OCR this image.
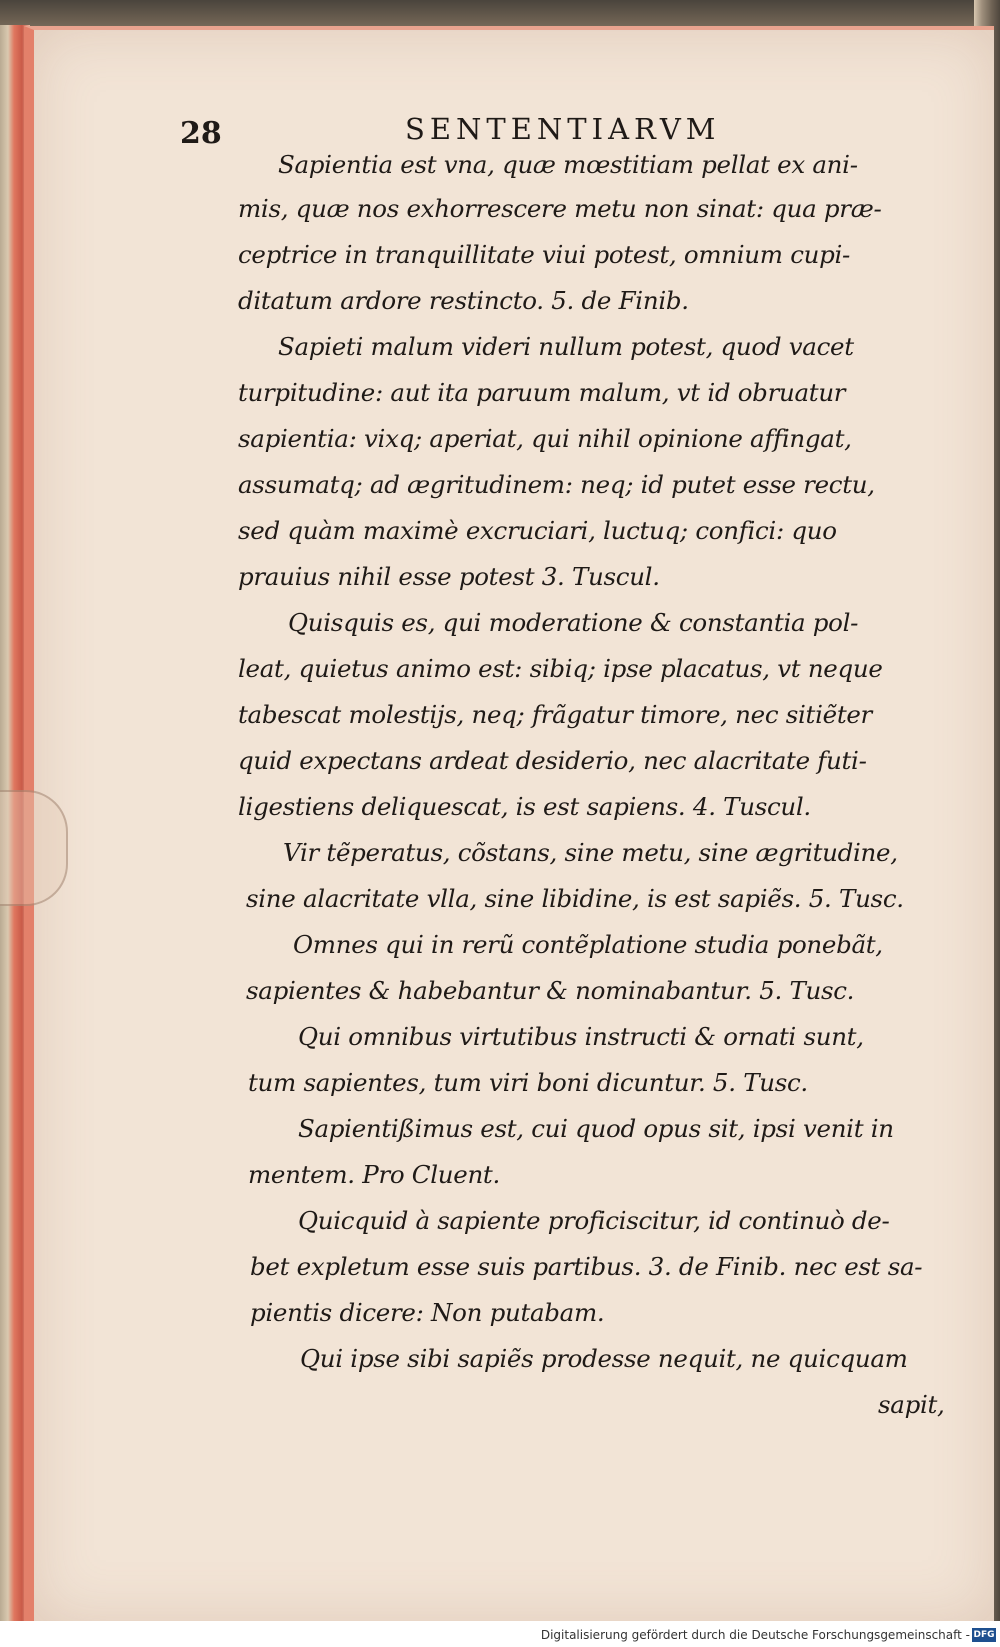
28	SENTENTIARVM
Sapientia est vna, quæ mœstitiam pellat ex ani-
mis, quæ nos exhorrescere metu non sinat: qua præ-
ceptrice in tranquillitate viui potest, omnium cupi-
ditatum ardore restincto. 5. de Finib.
Sapieti malum videri nullum potest, quod vacet
turpitudine: aut ita paruum malum, vt id obruatur
sapientia: vixq; aperiat, qui nihil opinione affingat,
assumatq; ad ægritudinem: neq; id putet esse rectu,
sed quàm maximè excruciari, luctuq; confici: quo
prauius nihil esse potest 3. Tuscul.
Quisquis es, qui moderatione & constantia pol-
leat, quietus animo est: sibiq; ipse placatus, vt neque
tabescat molestijs, neq; frãgatur timore, nec sitiẽter
quid expectans ardeat desiderio, nec alacritate futi-
ligestiens deliquescat, is est sapiens. 4. Tuscul.
Vir tẽperatus, cõstans, sine metu, sine ægritudine,
sine alacritate vlla, sine libidine, is est sapiẽs. 5. Tusc.
Omnes qui in rerũ contẽplatione studia ponebãt,
sapientes & habebantur & nominabantur. 5. Tusc.
Qui omnibus virtutibus instructi & ornati sunt,
tum sapientes, tum viri boni dicuntur. 5. Tusc.
Sapientißimus est, cui quod opus sit, ipsi venit in
mentem. Pro Cluent.
Quicquid à sapiente proficiscitur, id continuò de-
bet expletum esse suis partibus. 3. de Finib. nec est sa-
pientis dicere: Non putabam.
Qui ipse sibi sapiẽs prodesse nequit, ne quicquam
sapit,
Digitalisierung gefördert durch die Deutsche Forschungsgemeinschaft - DFG
